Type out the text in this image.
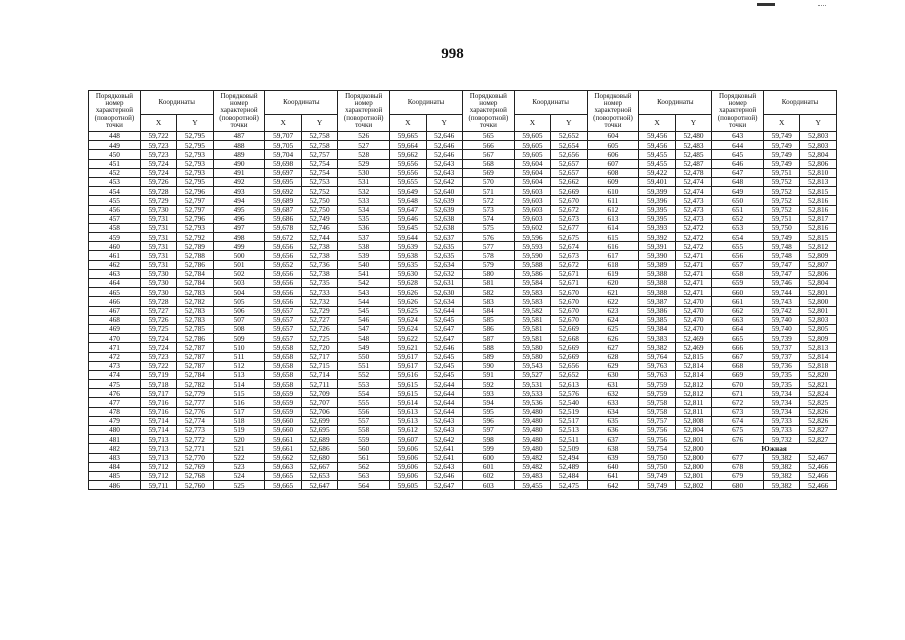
998
Порядковый номер характерной (поворотной) точки	Координаты		Порядковый номер характерной (поворотной) точки	Координаты		Порядковый номер характерной (поворотной) точки	Координаты		Порядковый номер характерной (поворотной) точки	Координаты		Порядковый номер характерной (поворотной) точки	Координаты		Порядковый номер характерной (поворотной) точки	Координаты	
	X	Y		X	Y		X	Y		X	Y		X	Y		X	Y
448	59,722	52,795	487	59,707	52,758	526	59,665	52,646	565	59,605	52,652	604	59,456	52,480	643	59,749	52,803
449	59,723	52,795	488	59,705	52,758	527	59,664	52,646	566	59,605	52,654	605	59,456	52,483	644	59,749	52,803
450	59,723	52,793	489	59,704	52,757	528	59,662	52,646	567	59,605	52,656	606	59,455	52,485	645	59,749	52,804
451	59,724	52,793	490	59,698	52,754	529	59,656	52,643	568	59,604	52,657	607	59,455	52,487	646	59,749	52,806
452	59,724	52,793	491	59,697	52,754	530	59,656	52,643	569	59,604	52,657	608	59,422	52,478	647	59,751	52,810
453	59,726	52,795	492	59,695	52,753	531	59,655	52,642	570	59,604	52,662	609	59,401	52,474	648	59,752	52,813
454	59,728	52,796	493	59,692	52,752	532	59,649	52,640	571	59,603	52,669	610	59,399	52,474	649	59,752	52,815
455	59,729	52,797	494	59,689	52,750	533	59,648	52,639	572	59,603	52,670	611	59,396	52,473	650	59,752	52,816
456	59,730	52,797	495	59,687	52,750	534	59,647	52,639	573	59,603	52,672	612	59,395	52,473	651	59,752	52,816
457	59,731	52,796	496	59,686	52,749	535	59,646	52,638	574	59,603	52,673	613	59,395	52,473	652	59,751	52,817
458	59,731	52,793	497	59,678	52,746	536	59,645	52,638	575	59,602	52,677	614	59,393	52,472	653	59,750	52,816
459	59,731	52,792	498	59,672	52,744	537	59,644	52,637	576	59,596	52,675	615	59,392	52,472	654	59,749	52,815
460	59,731	52,789	499	59,656	52,738	538	59,639	52,635	577	59,593	52,674	616	59,391	52,472	655	59,748	52,812
461	59,731	52,788	500	59,656	52,738	539	59,638	52,635	578	59,590	52,673	617	59,390	52,471	656	59,748	52,809
462	59,731	52,786	501	59,652	52,736	540	59,635	52,634	579	59,588	52,672	618	59,389	52,471	657	59,747	52,807
463	59,730	52,784	502	59,656	52,738	541	59,630	52,632	580	59,586	52,671	619	59,388	52,471	658	59,747	52,806
464	59,730	52,784	503	59,656	52,735	542	59,628	52,631	581	59,584	52,671	620	59,388	52,471	659	59,746	52,804
465	59,730	52,783	504	59,656	52,733	543	59,626	52,630	582	59,583	52,670	621	59,388	52,471	660	59,744	52,801
466	59,728	52,782	505	59,656	52,732	544	59,626	52,634	583	59,583	52,670	622	59,387	52,470	661	59,743	52,800
467	59,727	52,783	506	59,657	52,729	545	59,625	52,644	584	59,582	52,670	623	59,386	52,470	662	59,742	52,801
468	59,726	52,783	507	59,657	52,727	546	59,624	52,645	585	59,581	52,670	624	59,385	52,470	663	59,740	52,803
469	59,725	52,785	508	59,657	52,726	547	59,624	52,647	586	59,581	52,669	625	59,384	52,470	664	59,740	52,805
470	59,724	52,786	509	59,657	52,725	548	59,622	52,647	587	59,581	52,668	626	59,383	52,469	665	59,739	52,809
471	59,724	52,787	510	59,658	52,720	549	59,621	52,646	588	59,580	52,669	627	59,382	52,469	666	59,737	52,813
472	59,723	52,787	511	59,658	52,717	550	59,617	52,645	589	59,580	52,669	628	59,764	52,815	667	59,737	52,814
473	59,722	52,787	512	59,658	52,715	551	59,617	52,645	590	59,543	52,656	629	59,763	52,814	668	59,736	52,818
474	59,719	52,784	513	59,658	52,714	552	59,616	52,645	591	59,527	52,652	630	59,763	52,814	669	59,735	52,820
475	59,718	52,782	514	59,658	52,711	553	59,615	52,644	592	59,531	52,613	631	59,759	52,812	670	59,735	52,821
476	59,717	52,779	515	59,659	52,709	554	59,615	52,644	593	59,533	52,576	632	59,759	52,812	671	59,734	52,824
477	59,716	52,777	516	59,659	52,707	555	59,614	52,644	594	59,536	52,540	633	59,758	52,811	672	59,734	52,825
478	59,716	52,776	517	59,659	52,706	556	59,613	52,644	595	59,480	52,519	634	59,758	52,811	673	59,734	52,826
479	59,714	52,774	518	59,660	52,699	557	59,613	52,643	596	59,480	52,517	635	59,757	52,808	674	59,733	52,826
480	59,714	52,773	519	59,660	52,695	558	59,612	52,643	597	59,480	52,513	636	59,756	52,804	675	59,733	52,827
481	59,713	52,772	520	59,661	52,689	559	59,607	52,642	598	59,480	52,511	637	59,756	52,801	676	59,732	52,827
482	59,713	52,771	521	59,661	52,686	560	59,606	52,641	599	59,480	52,509	638	59,754	52,800	Южная		
483	59,713	52,770	522	59,662	52,680	561	59,606	52,641	600	59,482	52,494	639	59,750	52,800	677	59,382	52,467
484	59,712	52,769	523	59,663	52,667	562	59,606	52,643	601	59,482	52,489	640	59,750	52,800	678	59,382	52,466
485	59,712	52,768	524	59,665	52,653	563	59,606	52,646	602	59,483	52,484	641	59,749	52,801	679	59,382	52,466
486	59,711	52,760	525	59,665	52,647	564	59,605	52,647	603	59,455	52,475	642	59,749	52,802	680	59,382	52,466
